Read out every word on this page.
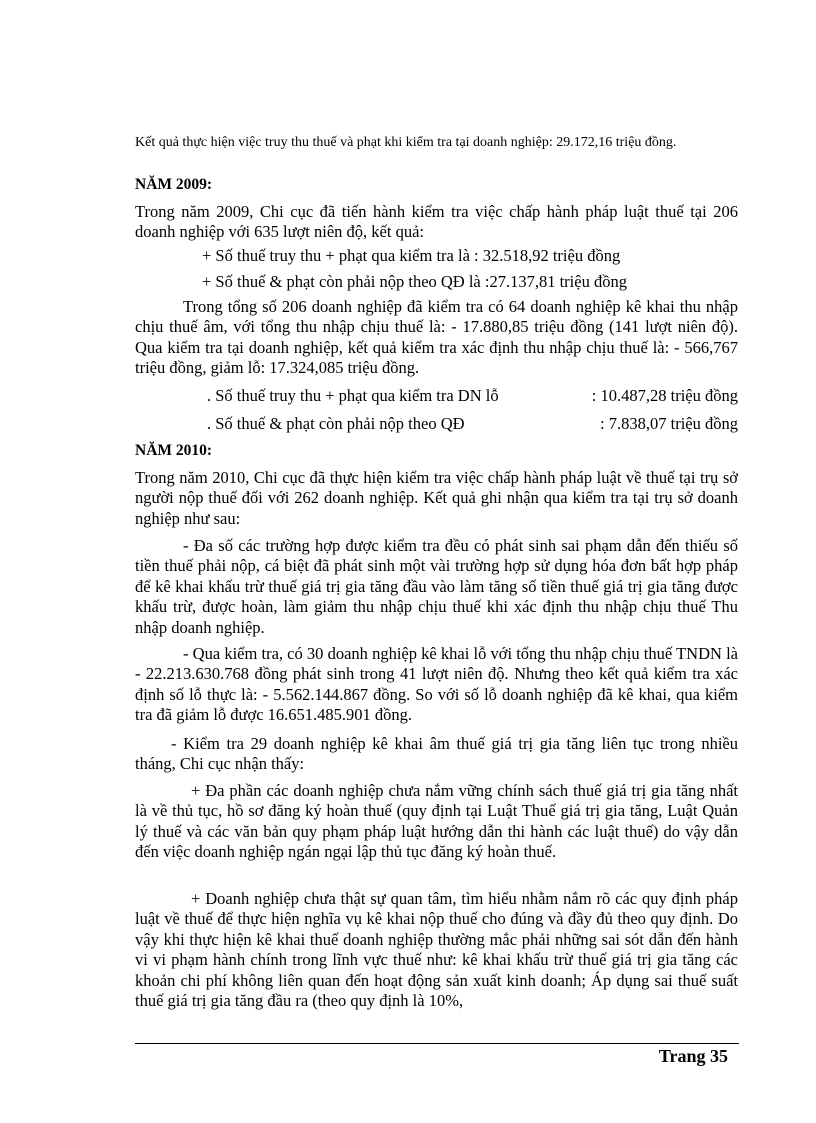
Kết quả thực hiện việc truy thu thuế và phạt khi kiểm tra tại doanh nghiệp: 29.172,16 triệu đồng.
NĂM 2009:
Trong năm 2009, Chi cục đã tiến hành kiểm tra việc chấp hành pháp luật thuế tại 206 doanh nghiệp với 635 lượt niên độ, kết quả:
+ Số thuế truy thu + phạt qua kiểm tra là : 32.518,92 triệu đồng
+ Số thuế & phạt còn phải nộp theo QĐ là :27.137,81 triệu đồng
Trong tổng số 206 doanh nghiệp đã kiểm tra có 64 doanh nghiệp kê khai thu nhập chịu thuế âm, với tổng thu nhập chịu thuế là: - 17.880,85 triệu đồng (141 lượt niên độ). Qua kiểm tra tại doanh nghiệp, kết quả kiểm tra xác định thu nhập chịu thuế là: - 566,767 triệu đồng, giảm lỗ: 17.324,085 triệu đồng.
. Số thuế truy thu + phạt qua kiểm tra DN lỗ	: 10.487,28 triệu đồng
. Số thuế & phạt còn phải nộp theo QĐ	: 7.838,07 triệu đồng
NĂM 2010:
Trong năm 2010, Chi cục đã thực hiện kiểm tra việc chấp hành pháp luật về thuế tại trụ sở người nộp thuế đối với 262 doanh nghiệp. Kết quả ghi nhận qua kiểm tra tại trụ sở doanh nghiệp như sau:
- Đa số các trường hợp được kiểm tra đều có phát sinh sai phạm dẫn đến thiếu số tiền thuế phải nộp, cá biệt đã phát sinh một vài trường hợp sử dụng hóa đơn bất hợp pháp để kê khai khấu trừ thuế giá trị gia tăng đầu vào làm tăng số tiền thuế giá trị gia tăng được khấu trừ, được hoàn, làm giảm thu nhập chịu thuế khi xác định thu nhập chịu thuế Thu nhập doanh nghiệp.
- Qua kiểm tra, có 30 doanh nghiệp kê khai lỗ với tổng thu nhập chịu thuế TNDN là - 22.213.630.768 đồng phát sinh trong 41 lượt niên độ. Nhưng theo kết quả kiểm tra xác định số lỗ thực là: - 5.562.144.867 đồng. So với số lỗ doanh nghiệp đã kê khai, qua kiểm tra đã giảm lỗ được 16.651.485.901 đồng.
- Kiểm tra 29 doanh nghiệp kê khai âm thuế giá trị gia tăng liên tục trong nhiều tháng, Chi cục nhận thấy:
+ Đa phần các doanh nghiệp chưa nắm vững chính sách thuế giá trị gia tăng nhất là về thủ tục, hồ sơ đăng ký hoàn thuế (quy định tại Luật Thuế giá trị gia tăng, Luật Quản lý thuế và các văn bản quy phạm pháp luật hướng dẫn thi hành các luật thuế) do vậy dẫn đến việc doanh nghiệp ngán ngại lập thủ tục đăng ký hoàn thuế.
+ Doanh nghiệp chưa thật sự quan tâm, tìm hiểu nhằm nắm rõ các quy định pháp luật về thuế để thực hiện nghĩa vụ kê khai nộp thuế cho đúng và đầy đủ theo quy định. Do vậy khi thực hiện kê khai thuế doanh nghiệp thường mắc phải những sai sót dẫn đến hành vi vi phạm hành chính trong lĩnh vực thuế như: kê khai khấu trừ thuế giá trị gia tăng các khoản chi phí không liên quan đến hoạt động sản xuất kinh doanh; Áp dụng sai thuế suất thuế giá trị gia tăng đầu ra (theo quy định là 10%,
Trang 35
